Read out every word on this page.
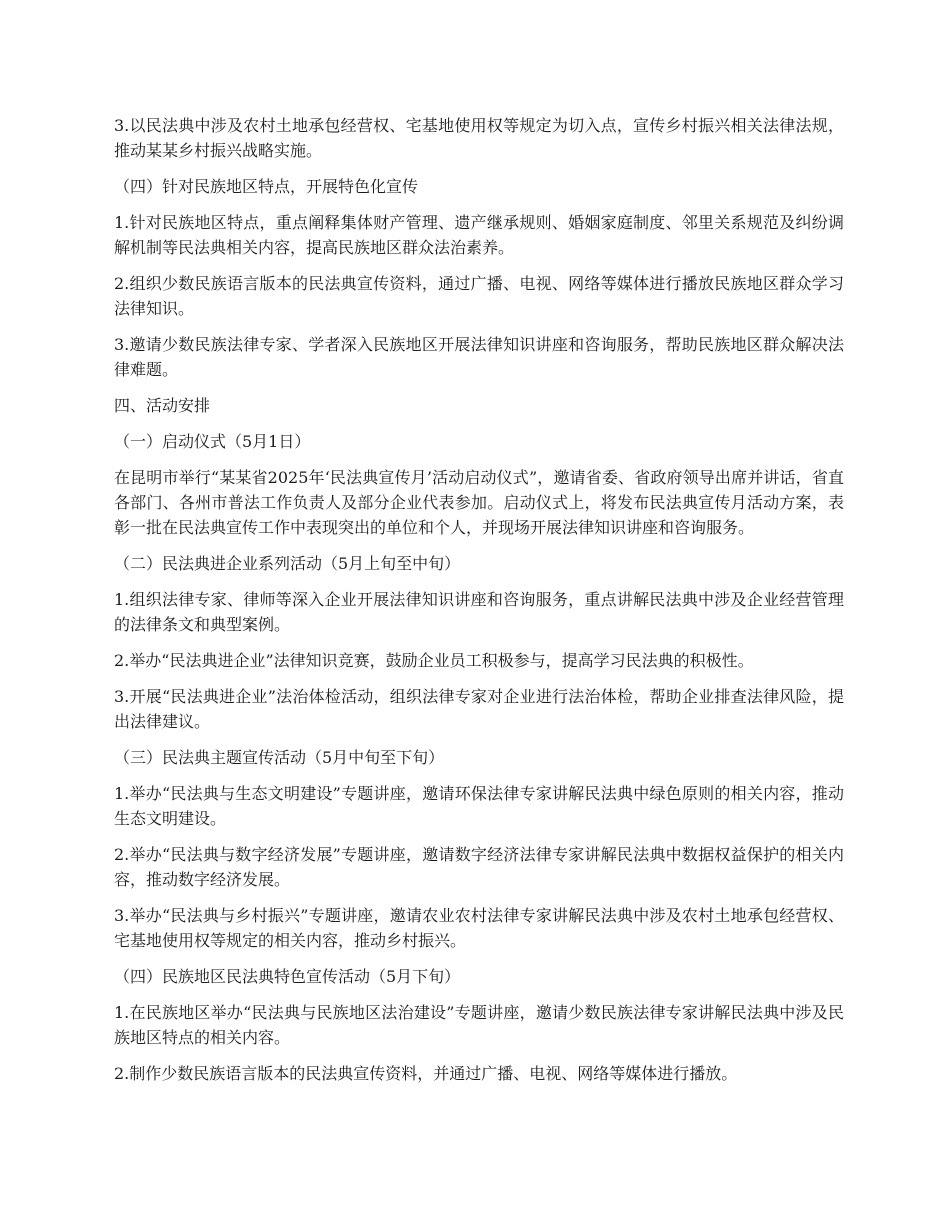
3.以民法典中涉及农村土地承包经营权、宅基地使用权等规定为切入点，宣传乡村振兴相关法律法规，推动某某乡村振兴战略实施。

（四）针对民族地区特点，开展特色化宣传

1.针对民族地区特点，重点阐释集体财产管理、遗产继承规则、婚姻家庭制度、邻里关系规范及纠纷调解机制等民法典相关内容，提高民族地区群众法治素养。

2.组织少数民族语言版本的民法典宣传资料，通过广播、电视、网络等媒体进行播放民族地区群众学习法律知识。

3.邀请少数民族法律专家、学者深入民族地区开展法律知识讲座和咨询服务，帮助民族地区群众解决法律难题。

四、活动安排

（一）启动仪式（5月1日）

在昆明市举行“某某省2025年‘民法典宣传月’活动启动仪式”，邀请省委、省政府领导出席并讲话，省直各部门、各州市普法工作负责人及部分企业代表参加。启动仪式上，将发布民法典宣传月活动方案，表彰一批在民法典宣传工作中表现突出的单位和个人，并现场开展法律知识讲座和咨询服务。

（二）民法典进企业系列活动（5月上旬至中旬）

1.组织法律专家、律师等深入企业开展法律知识讲座和咨询服务，重点讲解民法典中涉及企业经营管理的法律条文和典型案例。

2.举办“民法典进企业”法律知识竞赛，鼓励企业员工积极参与，提高学习民法典的积极性。

3.开展“民法典进企业”法治体检活动，组织法律专家对企业进行法治体检，帮助企业排查法律风险，提出法律建议。

（三）民法典主题宣传活动（5月中旬至下旬）

1.举办“民法典与生态文明建设”专题讲座，邀请环保法律专家讲解民法典中绿色原则的相关内容，推动生态文明建设。

2.举办“民法典与数字经济发展”专题讲座，邀请数字经济法律专家讲解民法典中数据权益保护的相关内容，推动数字经济发展。

3.举办“民法典与乡村振兴”专题讲座，邀请农业农村法律专家讲解民法典中涉及农村土地承包经营权、宅基地使用权等规定的相关内容，推动乡村振兴。

（四）民族地区民法典特色宣传活动（5月下旬）

1.在民族地区举办“民法典与民族地区法治建设”专题讲座，邀请少数民族法律专家讲解民法典中涉及民族地区特点的相关内容。

2.制作少数民族语言版本的民法典宣传资料，并通过广播、电视、网络等媒体进行播放。
